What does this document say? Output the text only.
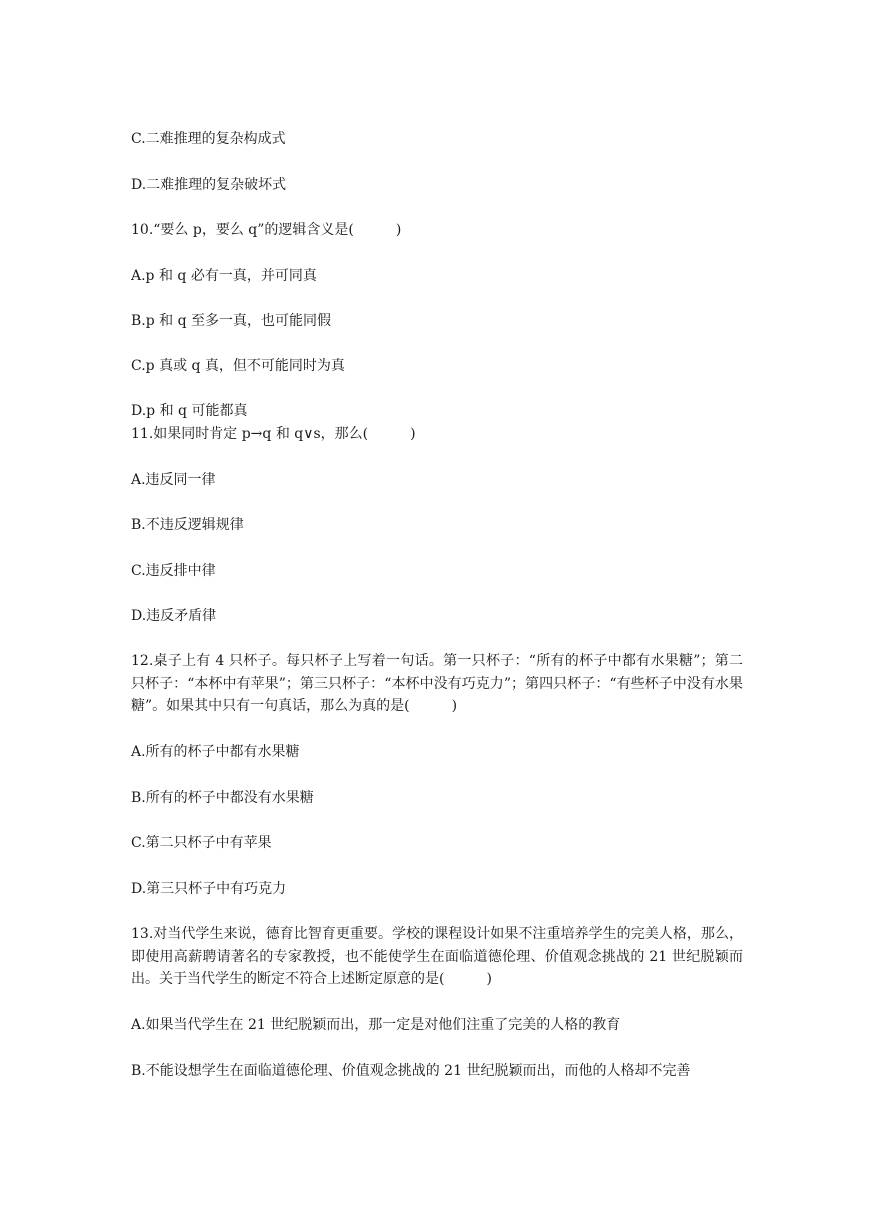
C.二难推理的复杂构成式
D.二难推理的复杂破坏式
10.“要么 p，要么 q”的逻辑含义是(　　　)
A.p 和 q 必有一真，并可同真
B.p 和 q 至多一真，也可能同假
C.p 真或 q 真，但不可能同时为真
D.p 和 q 可能都真
11.如果同时肯定 p→q 和 q∨s，那么(　　　)
A.违反同一律
B.不违反逻辑规律
C.违反排中律
D.违反矛盾律
12.桌子上有 4 只杯子。每只杯子上写着一句话。第一只杯子：“所有的杯子中都有水果糖”；第二只杯子：“本杯中有苹果”；第三只杯子：“本杯中没有巧克力”；第四只杯子：“有些杯子中没有水果糖”。如果其中只有一句真话，那么为真的是(　　　)
A.所有的杯子中都有水果糖
B.所有的杯子中都没有水果糖
C.第二只杯子中有苹果
D.第三只杯子中有巧克力
13.对当代学生来说，德育比智育更重要。学校的课程设计如果不注重培养学生的完美人格，那么，即使用高薪聘请著名的专家教授，也不能使学生在面临道德伦理、价值观念挑战的 21 世纪脱颖而出。关于当代学生的断定不符合上述断定原意的是(　　　)
A.如果当代学生在 21 世纪脱颖而出，那一定是对他们注重了完美的人格的教育
B.不能设想学生在面临道德伦理、价值观念挑战的 21 世纪脱颖而出，而他的人格却不完善
